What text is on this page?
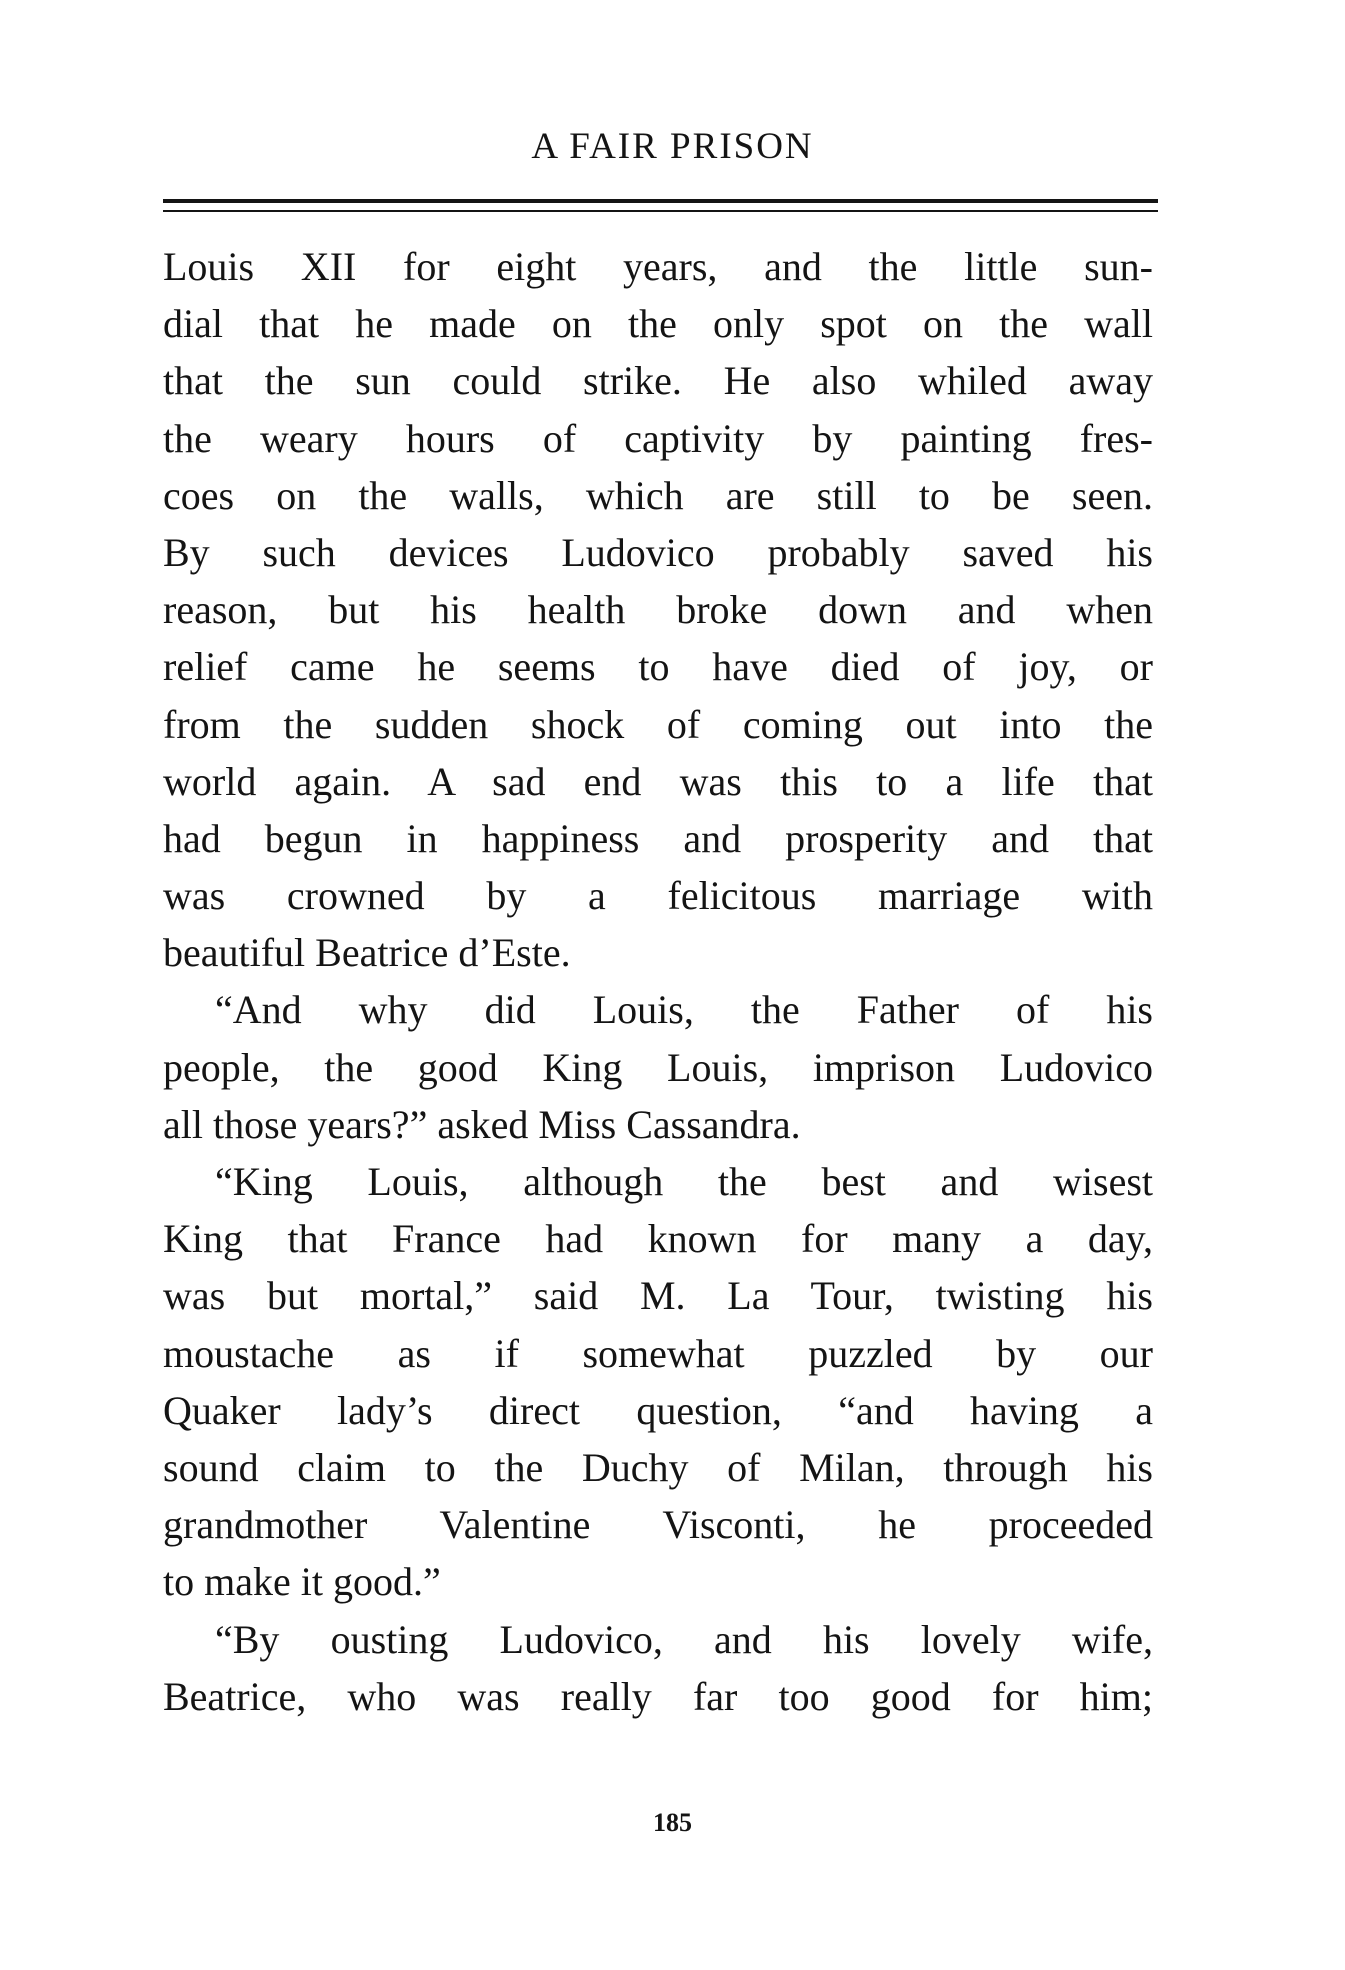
A FAIR PRISON
Louis XII for eight years, and the little sun-
dial that he made on the only spot on the wall
that the sun could strike. He also whiled away
the weary hours of captivity by painting fres-
coes on the walls, which are still to be seen.
By such devices Ludovico probably saved his
reason, but his health broke down and when
relief came he seems to have died of joy, or
from the sudden shock of coming out into the
world again. A sad end was this to a life that
had begun in happiness and prosperity and that
was crowned by a felicitous marriage with
beautiful Beatrice d’Este.
“And why did Louis, the Father of his
people, the good King Louis, imprison Ludovico
all those years?” asked Miss Cassandra.
“King Louis, although the best and wisest
King that France had known for many a day,
was but mortal,” said M. La Tour, twisting his
moustache as if somewhat puzzled by our
Quaker lady’s direct question, “and having a
sound claim to the Duchy of Milan, through his
grandmother Valentine Visconti, he proceeded
to make it good.”
“By ousting Ludovico, and his lovely wife,
Beatrice, who was really far too good for him;
185
